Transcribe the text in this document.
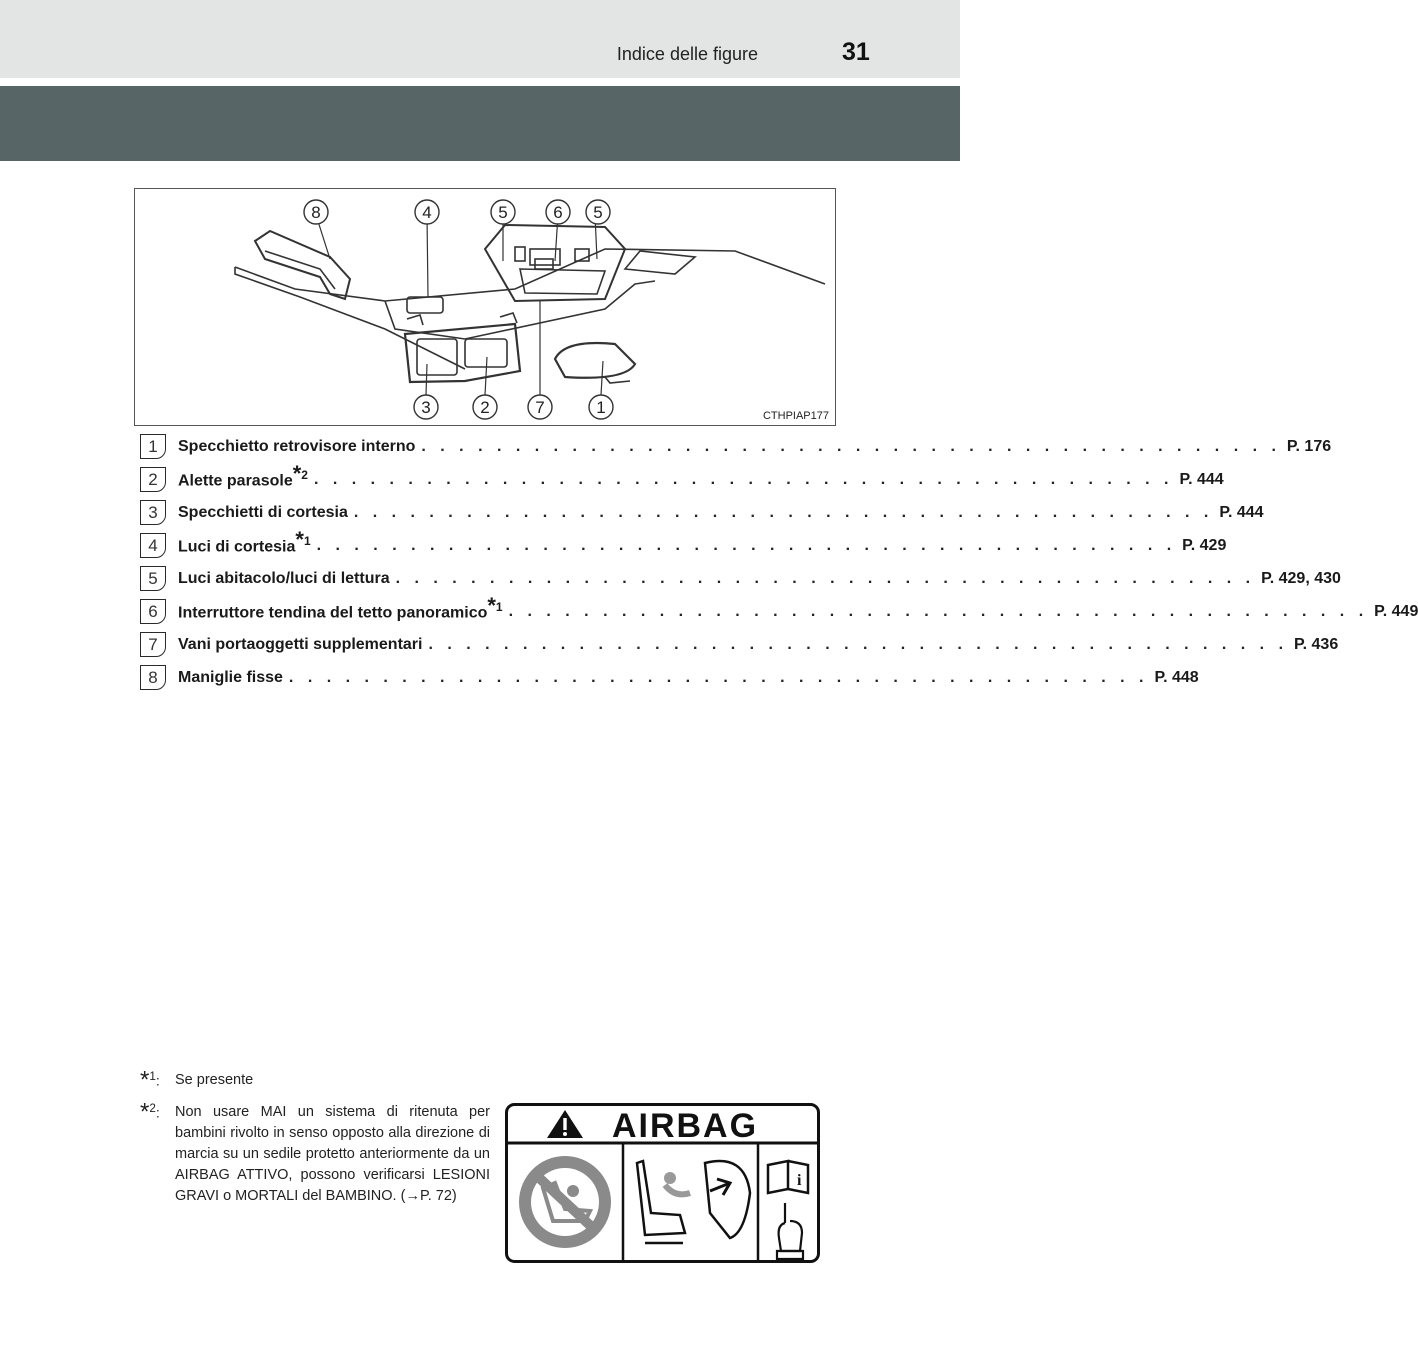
Indice delle figure	31
8	4	5	6 5
3	2	7	1	CTHPIAP177
1	Specchietto retrovisore interno . . . . . . . . . . . . . . . . . . . . . . . . . . . . . . . . . . . . . . . . . . . . . . P. 176
2	Alette parasole$^{*2}$ . . . . . . . . . . . . . . . . . . . . . . . . . . . . . . . . . . . . . . . . . . . . . . P. 444
3	Specchietti di cortesia . . . . . . . . . . . . . . . . . . . . . . . . . . . . . . . . . . . . . . . . . . . . . . P. 444
4	Luci di cortesia$^{*1}$ . . . . . . . . . . . . . . . . . . . . . . . . . . . . . . . . . . . . . . . . . . . . . . P. 429
5	Luci abitacolo/luci di lettura . . . . . . . . . . . . . . . . . . . . . . . . . . . . . . . . . . . . . . . . . . . . . . P. 429, 430
6	Interruttore tendina del tetto panoramico$^{*1}$ . . . . . . . . . . . . . . . . . . . . . . . . . . . . . . . . . . . . . . . . . . . . . . P. 449
7	Vani portaoggetti supplementari . . . . . . . . . . . . . . . . . . . . . . . . . . . . . . . . . . . . . . . . . . . . . . P. 436
8	Maniglie fisse . . . . . . . . . . . . . . . . . . . . . . . . . . . . . . . . . . . . . . . . . . . . . . P. 448
*$^1$: Se presente
*$^2$: Non usare MAI un sistema di ritenuta per bambini rivolto in senso opposto alla direzione di marcia su un sedile protetto anteriormente da un AIRBAG ATTIVO, possono verificarsi LESIONI GRAVI o MORTALI del BAMBINO. (→P. 72)
AIRBAG
i
